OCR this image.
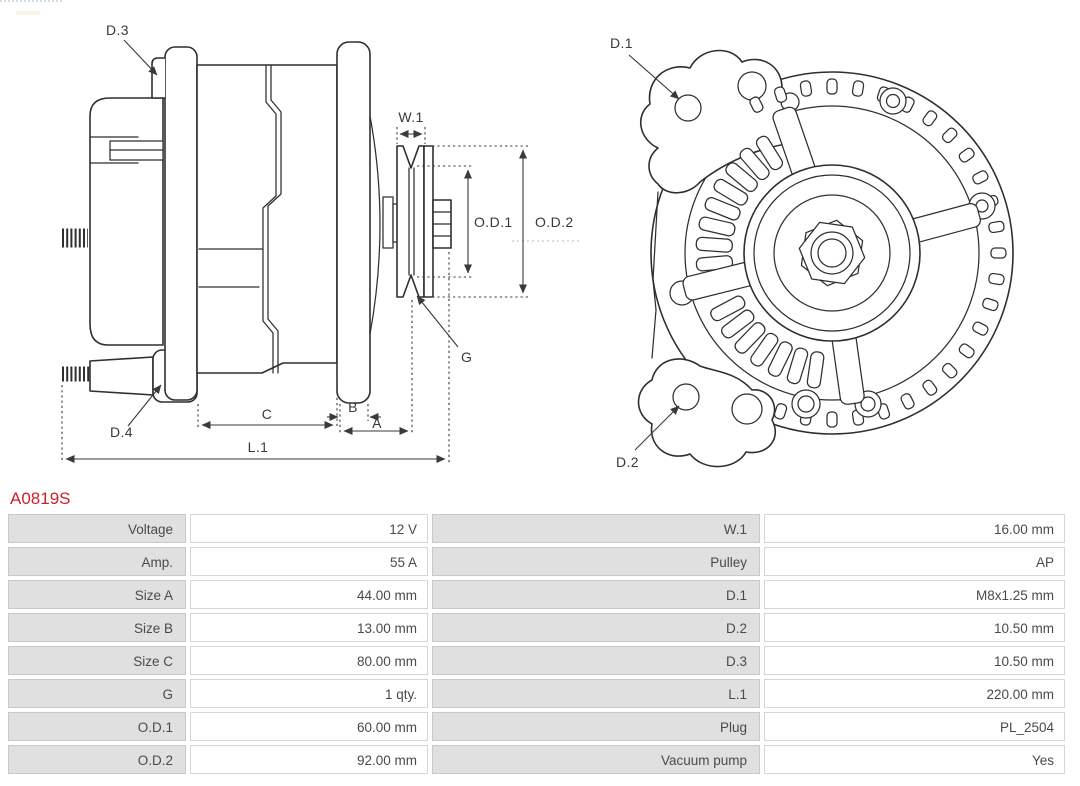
D.3
D.4
W.1
O.D.1 O.D.2
G
C	B
A
L.1
D.1
D.2
A0819S
Voltage	12 V	W.1	16.00 mm
Amp.	55 A	Pulley	AP
Size A	44.00 mm	D.1	M8x1.25 mm
Size B	13.00 mm	D.2	10.50 mm
Size C	80.00 mm	D.3	10.50 mm
G	1 qty.	L.1	220.00 mm
O.D.1	60.00 mm	Plug	PL_2504
O.D.2	92.00 mm	Vacuum pump	Yes
